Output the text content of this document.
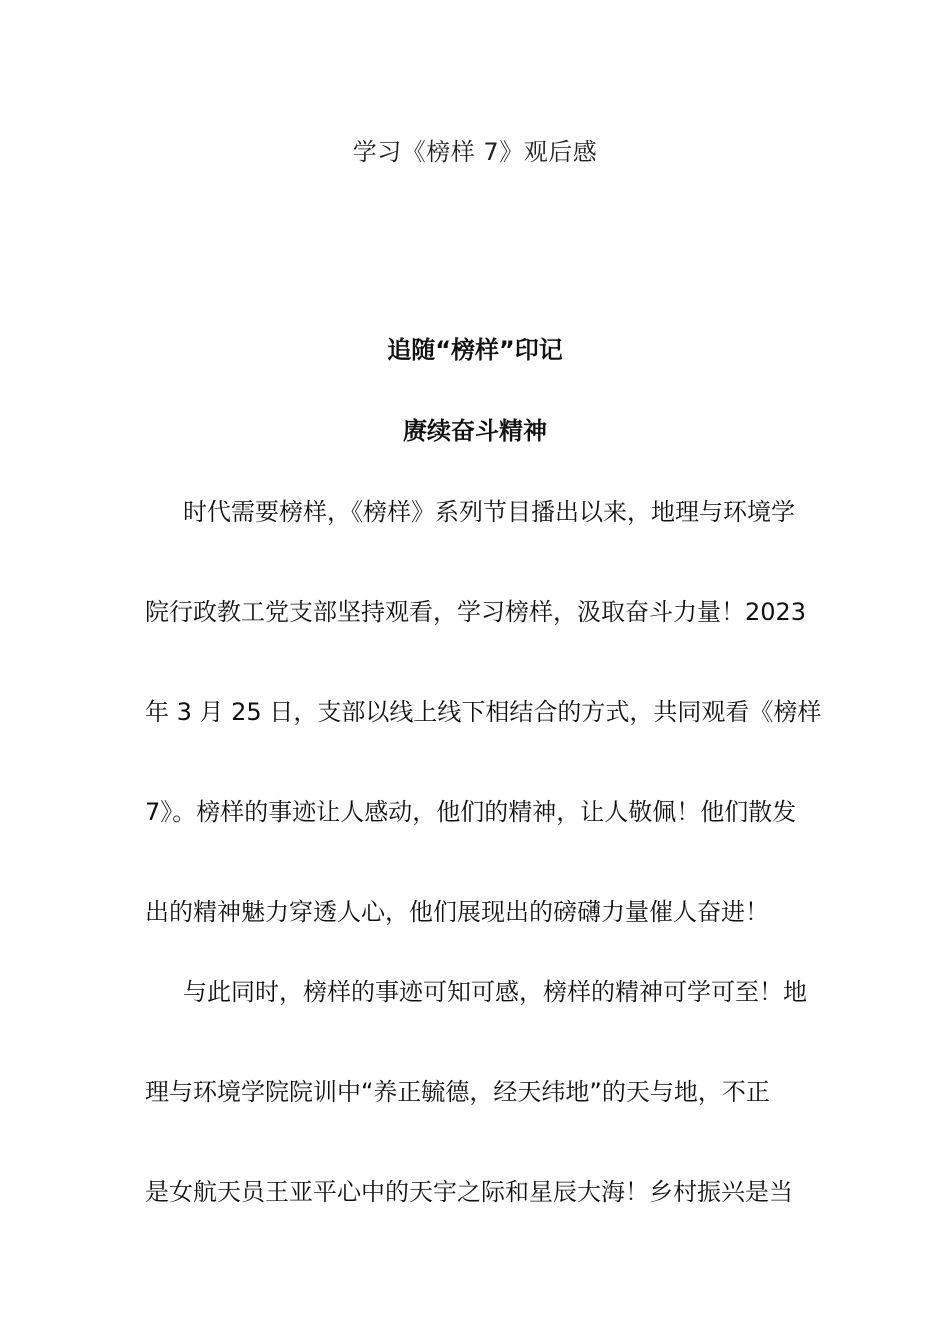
学习《榜样 7》观后感
追随“榜样”印记
赓续奋斗精神
时代需要榜样，《榜样》系列节目播出以来，地理与环境学
院行政教工党支部坚持观看，学习榜样，汲取奋斗力量！2023
年 3 月 25 日，支部以线上线下相结合的方式，共同观看《榜样
7》。榜样的事迹让人感动，他们的精神，让人敬佩！他们散发
出的精神魅力穿透人心，他们展现出的磅礴力量催人奋进！
与此同时，榜样的事迹可知可感，榜样的精神可学可至！地
理与环境学院院训中“养正毓德，经天纬地”的天与地，不正
是女航天员王亚平心中的天宇之际和星辰大海！乡村振兴是当
